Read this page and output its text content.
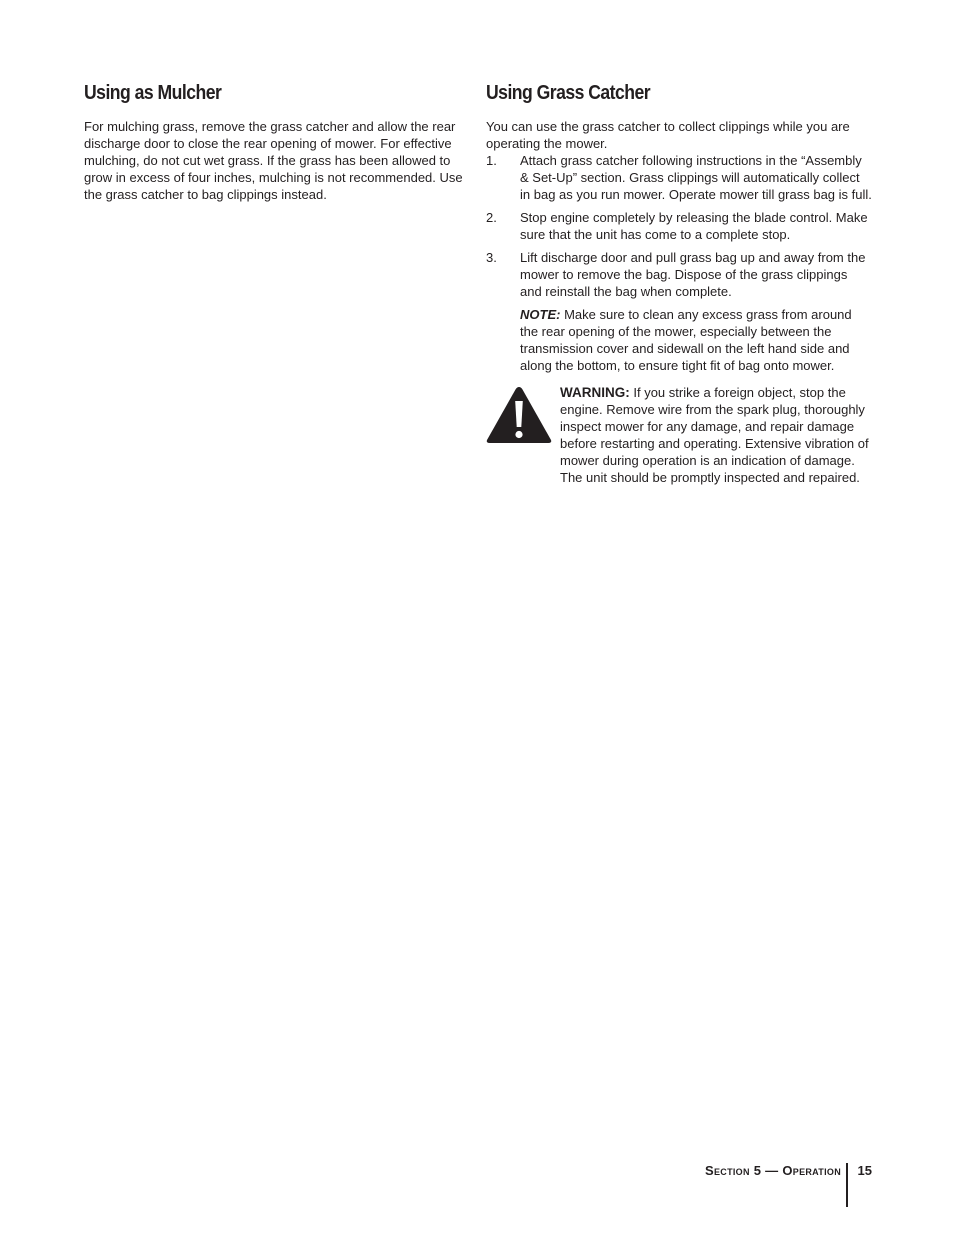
Using as Mulcher

For mulching grass, remove the grass catcher and allow the rear discharge door to close the rear opening of mower. For effective mulching, do not cut wet grass. If the grass has been allowed to grow in excess of four inches, mulching is not recommended. Use the grass catcher to bag clippings instead.

Using Grass Catcher

You can use the grass catcher to collect clippings while you are operating the mower.

1. Attach grass catcher following instructions in the “Assembly & Set-Up” section. Grass clippings will automatically collect in bag as you run mower. Operate mower till grass bag is full.
2. Stop engine completely by releasing the blade control. Make sure that the unit has come to a complete stop.
3. Lift discharge door and pull grass bag up and away from the mower to remove the bag. Dispose of the grass clippings and reinstall the bag when complete.

NOTE: Make sure to clean any excess grass from around the rear opening of the mower, especially between the transmission cover and sidewall on the left hand side and along the bottom, to ensure tight fit of bag onto mower.

WARNING: If you strike a foreign object, stop the engine. Remove wire from the spark plug, thoroughly inspect mower for any damage, and repair damage before restarting and operating. Extensive vibration of mower during operation is an indication of damage. The unit should be promptly inspected and repaired.

Section 5 — Operation 15
